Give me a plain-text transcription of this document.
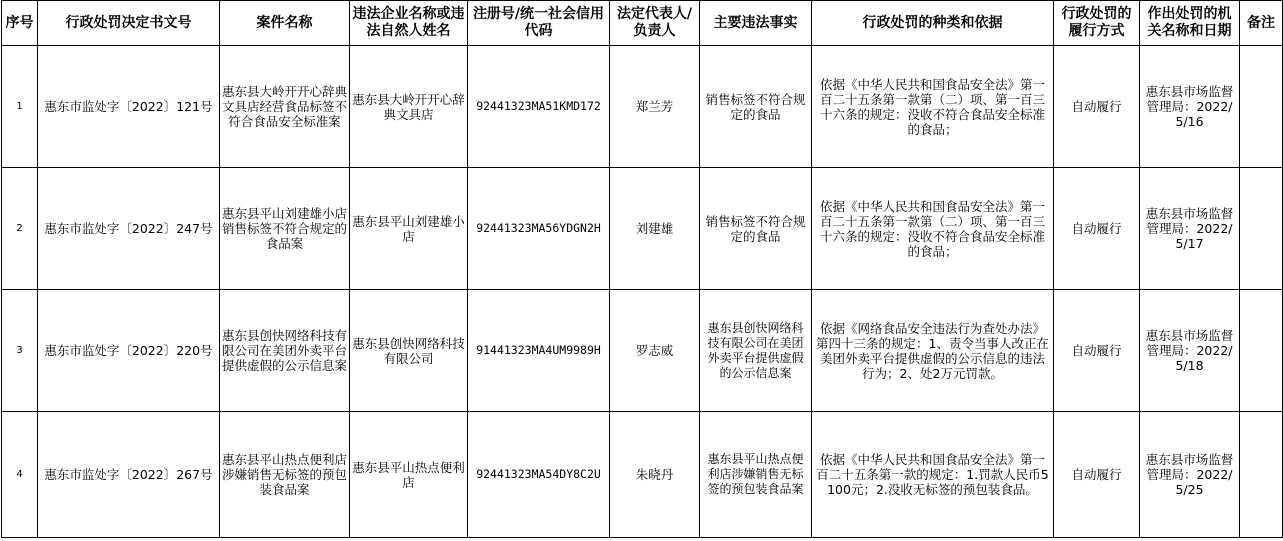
序号	行政处罚决定书文号	案件名称	违法企业名称或违法自然人姓名	注册号/统一社会信用代码	法定代表人/负责人	主要违法事实	行政处罚的种类和依据	行政处罚的履行方式	作出处罚的机关名称和日期	备注
1	惠东市监处字〔2022〕121号	惠东县大岭开开心辞典文具店经营食品标签不符合食品安全标准案	惠东县大岭开开心辞典文具店	92441323MA51KMD172	郑兰芳	销售标签不符合规定的食品	依据《中华人民共和国食品安全法》第一百二十五条第一款第（二）项、第一百三十六条的规定：没收不符合食品安全标准的食品；	自动履行	惠东县市场监督管理局：2022/5/16	
2	惠东市监处字〔2022〕247号	惠东县平山刘建雄小店销售标签不符合规定的食品案	惠东县平山刘建雄小店	92441323MA56YDGN2H	刘建雄	销售标签不符合规定的食品	依据《中华人民共和国食品安全法》第一百二十五条第一款第（二）项、第一百三十六条的规定：没收不符合食品安全标准的食品；	自动履行	惠东县市场监督管理局：2022/5/17	
3	惠东市监处字〔2022〕220号	惠东县创快网络科技有限公司在美团外卖平台提供虚假的公示信息案	惠东县创快网络科技有限公司	91441323MA4UM9989H	罗志威	惠东县创快网络科技有限公司在美团外卖平台提供虚假的公示信息案	依据《网络食品安全违法行为查处办法》第四十三条的规定：1、责令当事人改正在美团外卖平台提供虚假的公示信息的违法行为；2、处2万元罚款。	自动履行	惠东县市场监督管理局：2022/5/18	
4	惠东市监处字〔2022〕267号	惠东县平山热点便利店涉嫌销售无标签的预包装食品案	惠东县平山热点便利店	92441323MA54DY8C2U	朱晓丹	惠东县平山热点便利店涉嫌销售无标签的预包装食品案	依据《中华人民共和国食品安全法》第一百二十五条第一款的规定：1.罚款人民币5100元；2.没收无标签的预包装食品。	自动履行	惠东县市场监督管理局：2022/5/25	
